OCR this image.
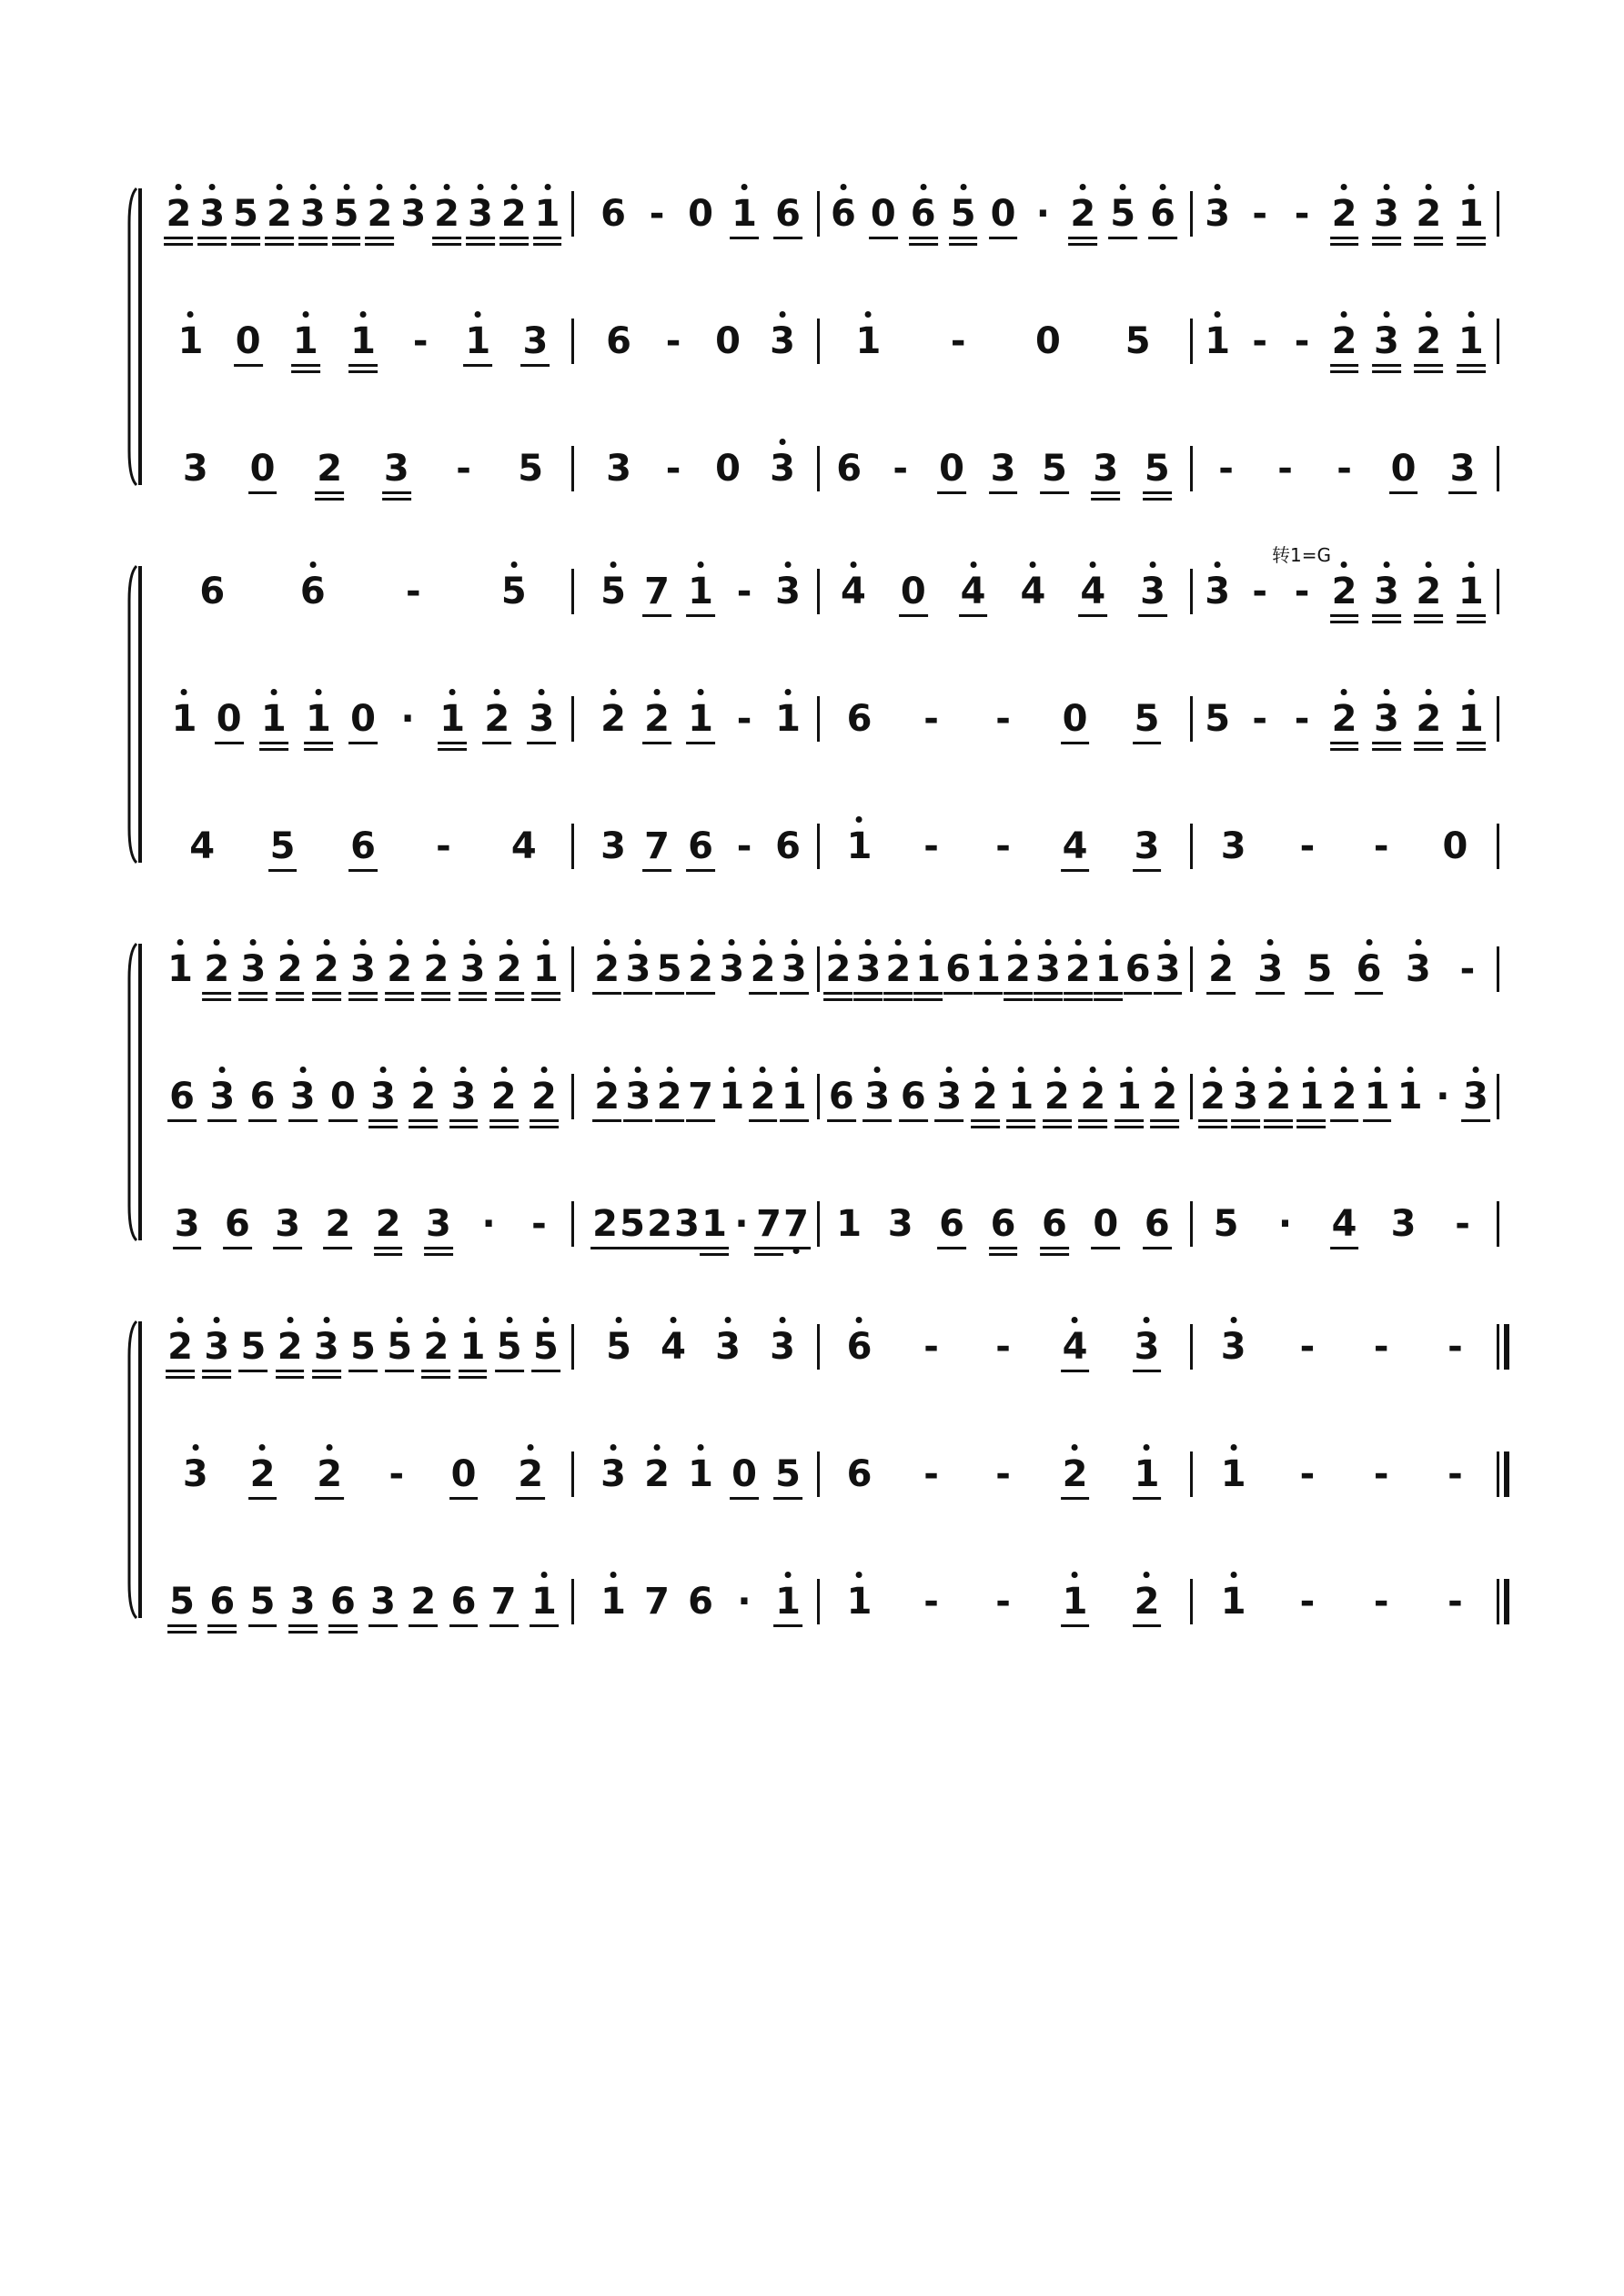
2 3 5 2 3 5 2 3 2 3 2 1 6 - 0 1 6 6 0 6 5 0 · 2 5 6 3 - - 2 3 2 1
1 0 1 1 - 1 3 6 - 0 3 1 - 0 5 1 - - 2 3 2 1
3 0 2 3 - 5 3 - 0 3 6 - 0 3 5 3 5 - - - 0 3
6 6 - 5 5 7 1 - 3 4 0 4 4 4 3 3 - - 2 3 2 1
1 0 1 1 0 · 1 2 3 2 2 1 - 1 6 - - 0 5 5 - - 2 3 2 1
4 5 6 - 4 3 7 6 - 6 1 - - 4 3 3 - - 0
1 2 3 2 2 3 2 2 3 2 1 2 3 5 2 3 2 3 2 3 2 1 6 1 2 3 2 1 6 3 2 3 5 6 3 -
6 3 6 3 0 3 2 3 2 2 2 3 2 7 1 2 1 6 3 6 3 2 1 2 2 1 2 2 3 2 1 2 1 1 · 3
3 6 3 2 2 3 · - 2 5 2 3 1 · 7 7 1 3 6 6 6 0 6 5 · 4 3 -
2 3 5 2 3 5 5 2 1 5 5 5 4 3 3 6 - - 4 3 3 - - -
3 2 2 - 0 2 3 2 1 0 5 6 - - 2 1 1 - - -
5 6 5 3 6 3 2 6 7 1 1 7 6 · 1 1 - - 1 2 1 - - -
转1=G
